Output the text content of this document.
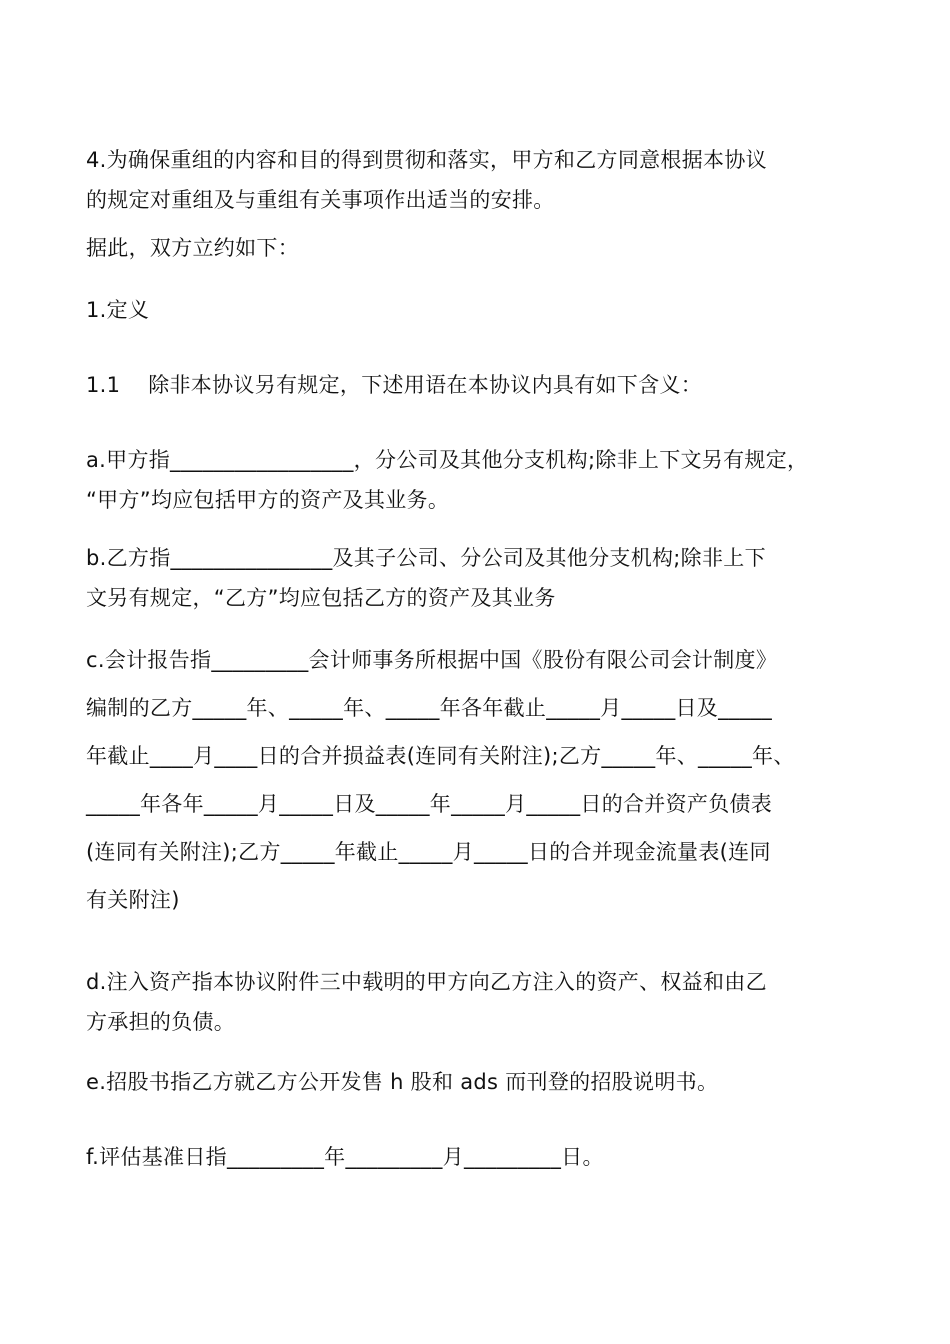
4.为确保重组的内容和目的得到贯彻和落实，甲方和乙方同意根据本协议
的规定对重组及与重组有关事项作出适当的安排。
据此，双方立约如下：
1.定义
1.1    除非本协议另有规定，下述用语在本协议内具有如下含义：
a.甲方指_________________，分公司及其他分支机构;除非上下文另有规定，
“甲方”均应包括甲方的资产及其业务。
b.乙方指_______________及其子公司、分公司及其他分支机构;除非上下
文另有规定，“乙方”均应包括乙方的资产及其业务
c.会计报告指_________会计师事务所根据中国《股份有限公司会计制度》
编制的乙方_____年、_____年、_____年各年截止_____月_____日及_____
年截止____月____日的合并损益表(连同有关附注);乙方_____年、_____年、
_____年各年_____月_____日及_____年_____月_____日的合并资产负债表
(连同有关附注);乙方_____年截止_____月_____日的合并现金流量表(连同
有关附注)
d.注入资产指本协议附件三中载明的甲方向乙方注入的资产、权益和由乙
方承担的负债。
e.招股书指乙方就乙方公开发售 h 股和 ads 而刊登的招股说明书。
f.评估基准日指_________年_________月_________日。
